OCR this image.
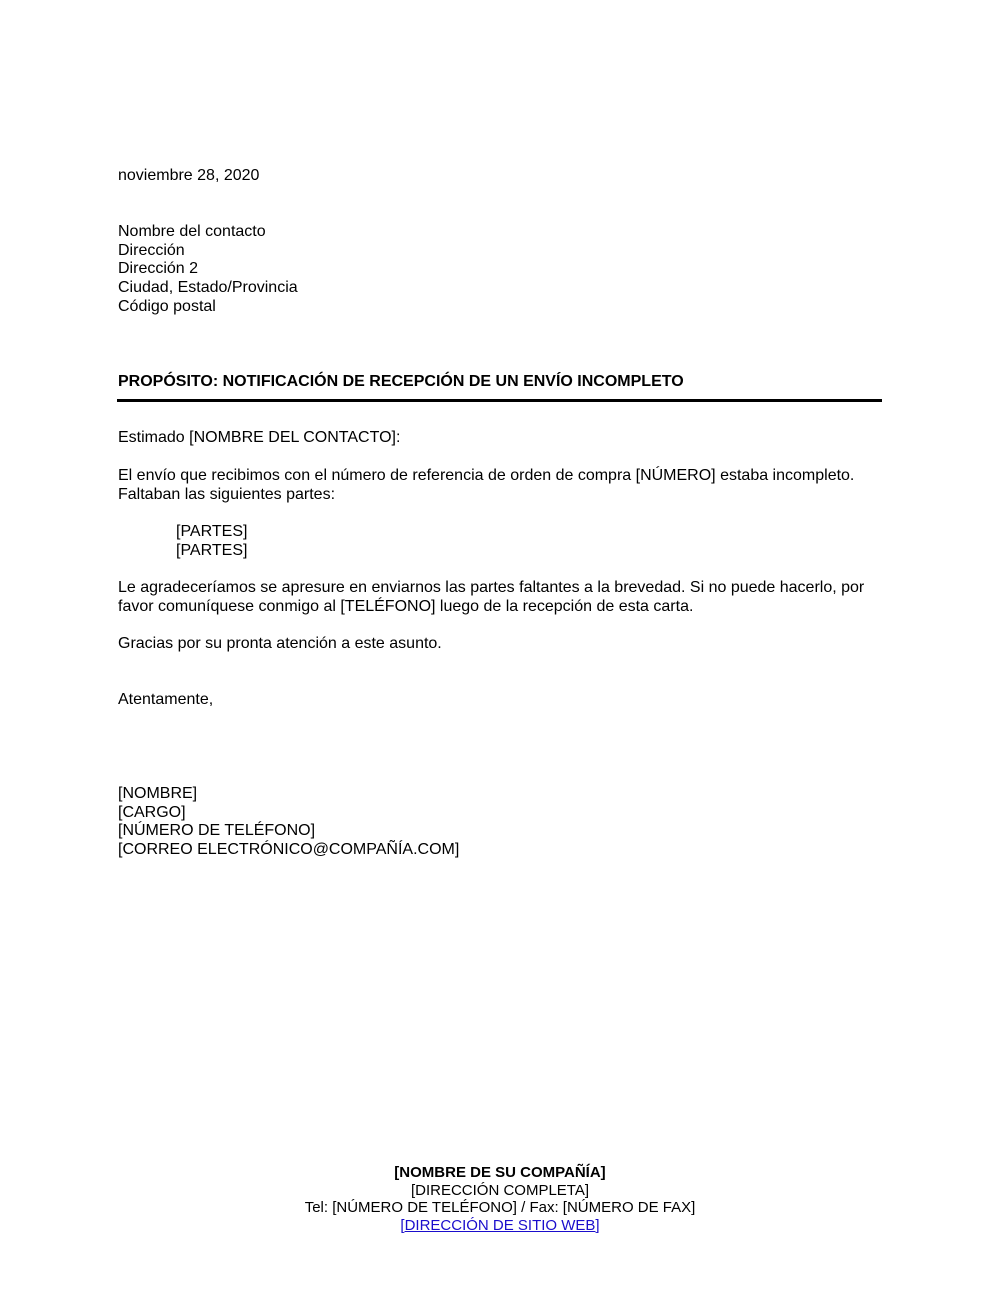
noviembre 28, 2020
Nombre del contacto
Dirección
Dirección 2
Ciudad, Estado/Provincia
Código postal
PROPÓSITO: NOTIFICACIÓN DE RECEPCIÓN DE UN ENVÍO INCOMPLETO
Estimado [NOMBRE DEL CONTACTO]:
El envío que recibimos con el número de referencia de orden de compra [NÚMERO] estaba incompleto. Faltaban las siguientes partes:
[PARTES]
[PARTES]
Le agradeceríamos se apresure en enviarnos las partes faltantes a la brevedad. Si no puede hacerlo, por favor comuníquese conmigo al [TELÉFONO] luego de la recepción de esta carta.
Gracias por su pronta atención a este asunto.
Atentamente,
[NOMBRE]
[CARGO]
[NÚMERO DE TELÉFONO]
[CORREO ELECTRÓNICO@COMPAÑÍA.COM]
[NOMBRE DE SU COMPAÑÍA]
[DIRECCIÓN COMPLETA]
Tel: [NÚMERO DE TELÉFONO] / Fax: [NÚMERO DE FAX]
[DIRECCIÓN DE SITIO WEB]
